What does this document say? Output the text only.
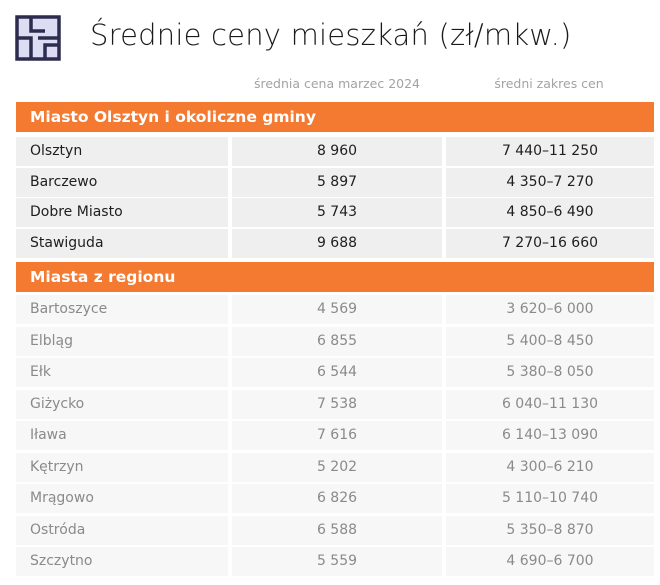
Średnie ceny mieszkań (zł/mkw.)
średnia cena marzec 2024	średni zakres cen
Miasto Olsztyn i okoliczne gminy
Olsztyn	8 960	7 440–11 250
Barczewo	5 897	4 350–7 270
Dobre Miasto	5 743	4 850–6 490
Stawiguda	9 688	7 270–16 660
Miasta z regionu
Bartoszyce	4 569	3 620–6 000
Elbląg	6 855	5 400–8 450
Ełk	6 544	5 380–8 050
Giżycko	7 538	6 040–11 130
Iława	7 616	6 140–13 090
Kętrzyn	5 202	4 300–6 210
Mrągowo	6 826	5 110–10 740
Ostróda	6 588	5 350–8 870
Szczytno	5 559	4 690–6 700
